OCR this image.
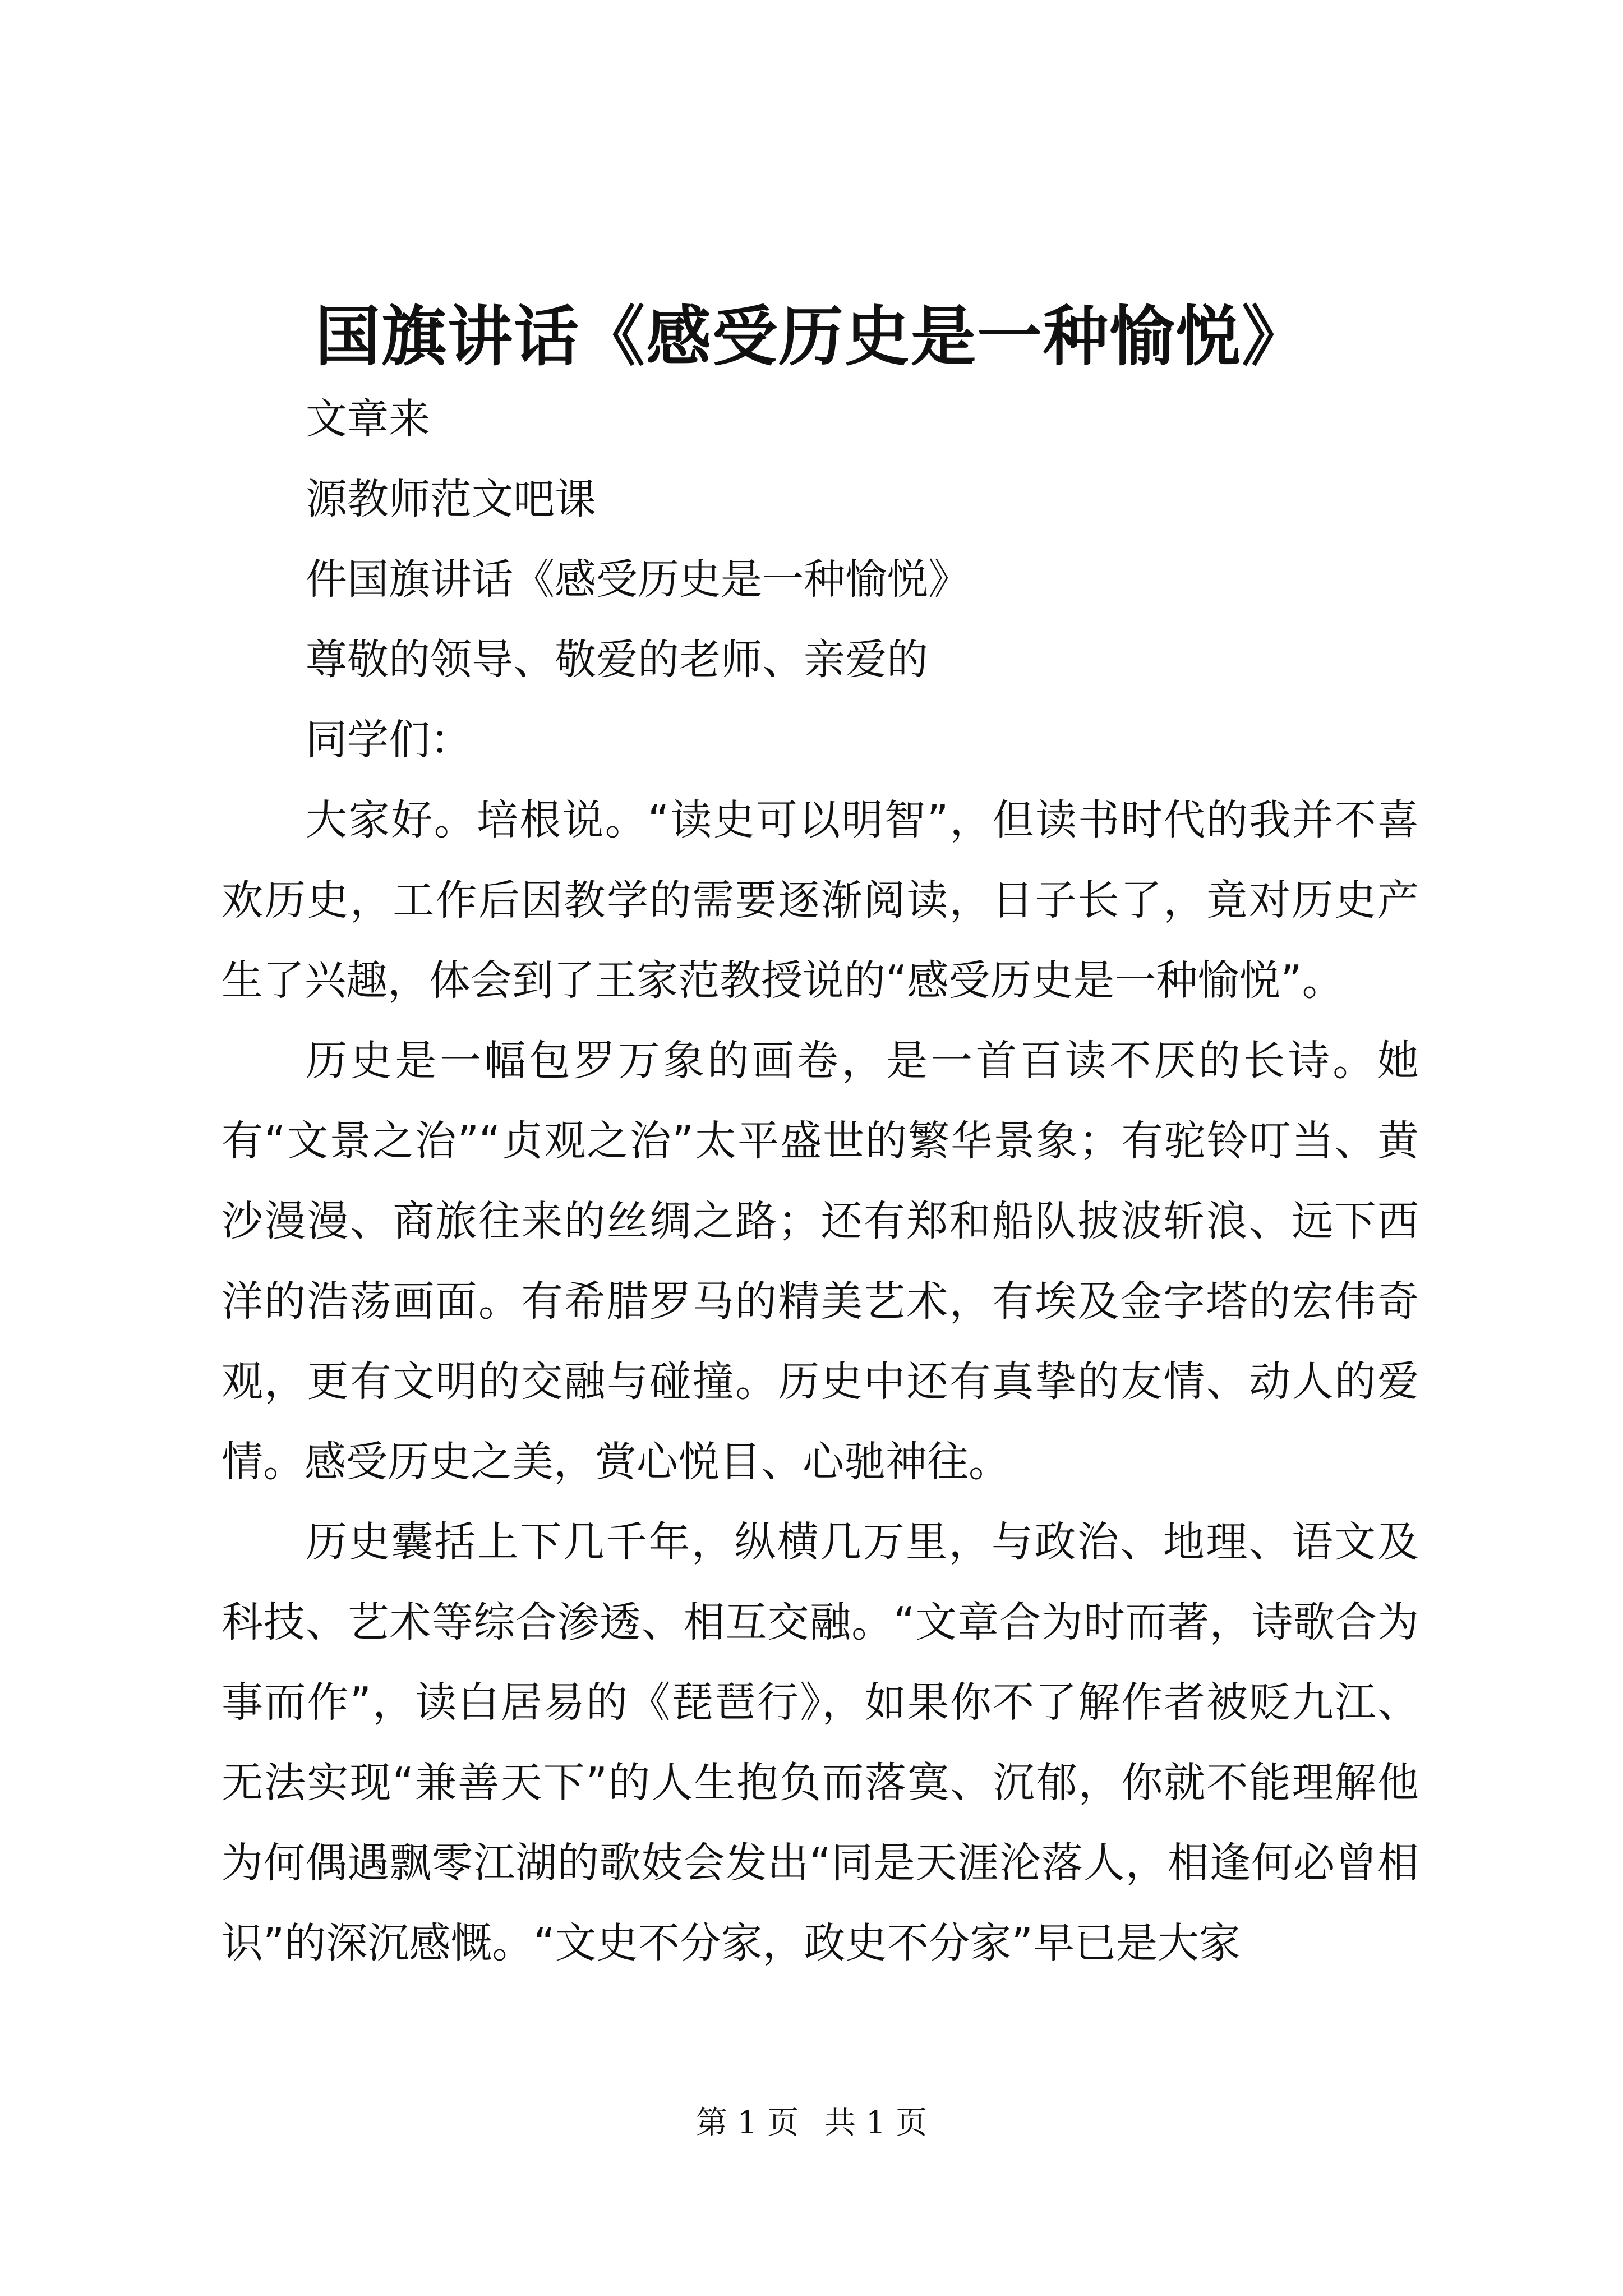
国旗讲话《感受历史是一种愉悦》

文章来

源教师范文吧课

件国旗讲话《感受历史是一种愉悦》

尊敬的领导、敬爱的老师、亲爱的

同学们：

大家好。培根说。“读史可以明智”，但读书时代的我并不喜欢历史，工作后因教学的需要逐渐阅读，日子长了，竟对历史产生了兴趣，体会到了王家范教授说的“感受历史是一种愉悦”。

历史是一幅包罗万象的画卷，是一首百读不厌的长诗。她有“文景之治”“贞观之治”太平盛世的繁华景象；有驼铃叮当、黄沙漫漫、商旅往来的丝绸之路；还有郑和船队披波斩浪、远下西洋的浩荡画面。有希腊罗马的精美艺术，有埃及金字塔的宏伟奇观，更有文明的交融与碰撞。历史中还有真挚的友情、动人的爱情。感受历史之美，赏心悦目、心驰神往。

历史囊括上下几千年，纵横几万里，与政治、地理、语文及科技、艺术等综合渗透、相互交融。“文章合为时而著，诗歌合为事而作”，读白居易的《琵琶行》，如果你不了解作者被贬九江、无法实现“兼善天下”的人生抱负而落寞、沉郁，你就不能理解他为何偶遇飘零江湖的歌妓会发出“同是天涯沦落人，相逢何必曾相识”的深沉感慨。“文史不分家，政史不分家”早已是大家

第 1 页 共 1 页
